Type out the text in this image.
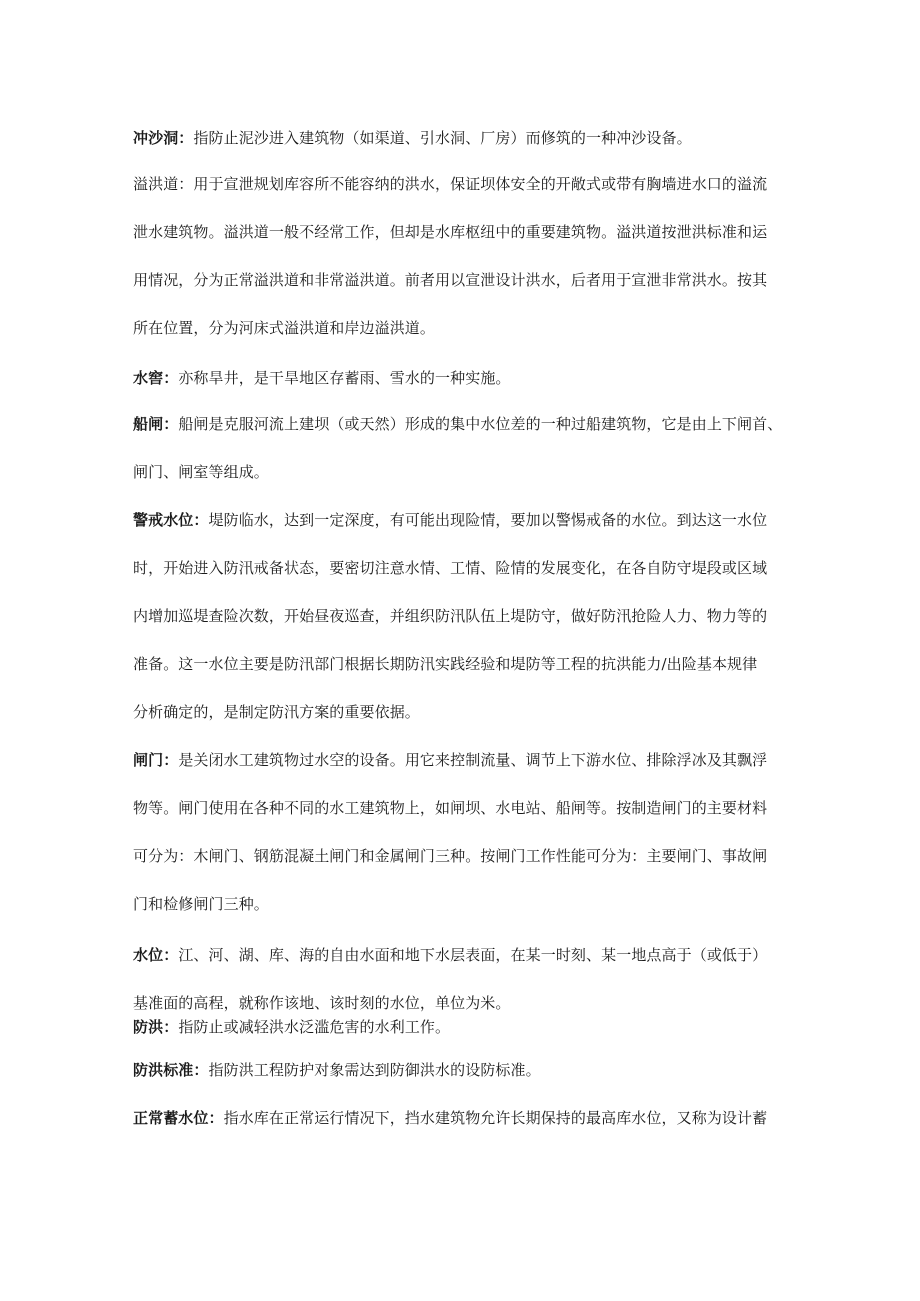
冲沙洞：指防止泥沙进入建筑物（如渠道、引水洞、厂房）而修筑的一种冲沙设备。

溢洪道：用于宣泄规划库容所不能容纳的洪水，保证坝体安全的开敞式或带有胸墙进水口的溢流
泄水建筑物。溢洪道一般不经常工作，但却是水库枢纽中的重要建筑物。溢洪道按泄洪标准和运
用情况，分为正常溢洪道和非常溢洪道。前者用以宣泄设计洪水，后者用于宣泄非常洪水。按其
所在位置，分为河床式溢洪道和岸边溢洪道。

水窖：亦称旱井，是干旱地区存蓄雨、雪水的一种实施。

船闸：船闸是克服河流上建坝（或天然）形成的集中水位差的一种过船建筑物，它是由上下闸首、
闸门、闸室等组成。

警戒水位：堤防临水，达到一定深度，有可能出现险情，要加以警惕戒备的水位。到达这一水位
时，开始进入防汛戒备状态，要密切注意水情、工情、险情的发展变化，在各自防守堤段或区域
内增加巡堤查险次数，开始昼夜巡查，并组织防汛队伍上堤防守，做好防汛抢险人力、物力等的
准备。这一水位主要是防汛部门根据长期防汛实践经验和堤防等工程的抗洪能力/出险基本规律
分析确定的，是制定防汛方案的重要依据。

闸门：是关闭水工建筑物过水空的设备。用它来控制流量、调节上下游水位、排除浮冰及其飘浮
物等。闸门使用在各种不同的水工建筑物上，如闸坝、水电站、船闸等。按制造闸门的主要材料
可分为：木闸门、钢筋混凝土闸门和金属闸门三种。按闸门工作性能可分为：主要闸门、事故闸
门和检修闸门三种。

水位：江、河、湖、库、海的自由水面和地下水层表面，在某一时刻、某一地点高于（或低于）
基准面的高程，就称作该地、该时刻的水位，单位为米。

防洪：指防止或减轻洪水泛滥危害的水利工作。

防洪标准：指防洪工程防护对象需达到防御洪水的设防标准。

正常蓄水位：指水库在正常运行情况下，挡水建筑物允许长期保持的最高库水位，又称为设计蓄
